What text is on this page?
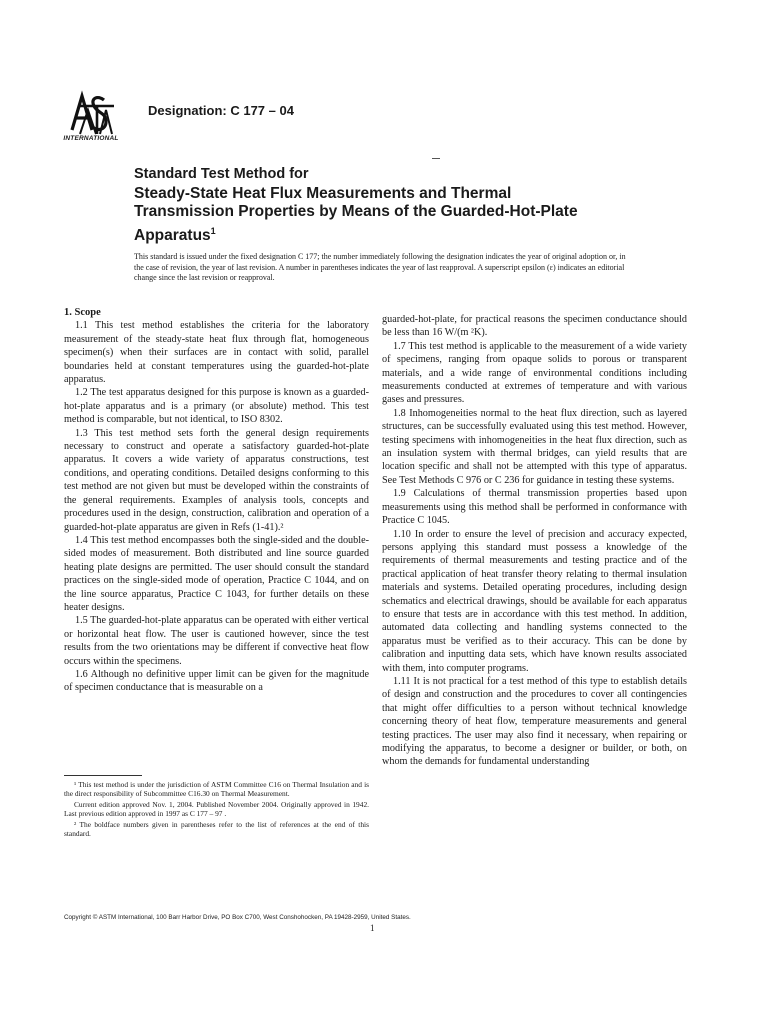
INTERNATIONAL
Designation: C 177 – 04
Standard Test Method for
Steady-State Heat Flux Measurements and Thermal
Transmission Properties by Means of the Guarded-Hot-Plate
Apparatus$^1$
This standard is issued under the fixed designation C 177; the number immediately following the designation indicates the year of original adoption or, in the case of revision, the year of last revision. A number in parentheses indicates the year of last reapproval. A superscript epsilon (ε) indicates an editorial change since the last revision or reapproval.

1. Scope

1.1 This test method establishes the criteria for the laboratory measurement of the steady-state heat flux through flat, homogeneous specimen(s) when their surfaces are in contact with solid, parallel boundaries held at constant temperatures using the guarded-hot-plate apparatus.

1.2 The test apparatus designed for this purpose is known as a guarded-hot-plate apparatus and is a primary (or absolute) method. This test method is comparable, but not identical, to ISO 8302.

1.3 This test method sets forth the general design requirements necessary to construct and operate a satisfactory guarded-hot-plate apparatus. It covers a wide variety of apparatus constructions, test conditions, and operating conditions. Detailed designs conforming to this test method are not given but must be developed within the constraints of the general requirements. Examples of analysis tools, concepts and procedures used in the design, construction, calibration and operation of a guarded-hot-plate apparatus are given in Refs (1-41).²

1.4 This test method encompasses both the single-sided and the double-sided modes of measurement. Both distributed and line source guarded heating plate designs are permitted. The user should consult the standard practices on the single-sided mode of operation, Practice C 1044, and on the line source apparatus, Practice C 1043, for further details on these heater designs.

1.5 The guarded-hot-plate apparatus can be operated with either vertical or horizontal heat flow. The user is cautioned however, since the test results from the two orientations may be different if convective heat flow occurs within the specimens.

1.6 Although no definitive upper limit can be given for the magnitude of specimen conductance that is measurable on a

¹ This test method is under the jurisdiction of ASTM Committee C16 on Thermal Insulation and is the direct responsibility of Subcommittee C16.30 on Thermal Measurement.

Current edition approved Nov. 1, 2004. Published November 2004. Originally approved in 1942. Last previous edition approved in 1997 as C 177 – 97 .

² The boldface numbers given in parentheses refer to the list of references at the end of this standard.

guarded-hot-plate, for practical reasons the specimen conductance should be less than 16 W/(m ²K).

1.7 This test method is applicable to the measurement of a wide variety of specimens, ranging from opaque solids to porous or transparent materials, and a wide range of environmental conditions including measurements conducted at extremes of temperature and with various gases and pressures.

1.8 Inhomogeneities normal to the heat flux direction, such as layered structures, can be successfully evaluated using this test method. However, testing specimens with inhomogeneities in the heat flux direction, such as an insulation system with thermal bridges, can yield results that are location specific and shall not be attempted with this type of apparatus. See Test Methods C 976 or C 236 for guidance in testing these systems.

1.9 Calculations of thermal transmission properties based upon measurements using this method shall be performed in conformance with Practice C 1045.

1.10 In order to ensure the level of precision and accuracy expected, persons applying this standard must possess a knowledge of the requirements of thermal measurements and testing practice and of the practical application of heat transfer theory relating to thermal insulation materials and systems. Detailed operating procedures, including design schematics and electrical drawings, should be available for each apparatus to ensure that tests are in accordance with this test method. In addition, automated data collecting and handling systems connected to the apparatus must be verified as to their accuracy. This can be done by calibration and inputting data sets, which have known results associated with them, into computer programs.

1.11 It is not practical for a test method of this type to establish details of design and construction and the procedures to cover all contingencies that might offer difficulties to a person without technical knowledge concerning theory of heat flow, temperature measurements and general testing practices. The user may also find it necessary, when repairing or modifying the apparatus, to become a designer or builder, or both, on whom the demands for fundamental understanding

Copyright © ASTM International, 100 Barr Harbor Drive, PO Box C700, West Conshohocken, PA 19428-2959, United States.
1
